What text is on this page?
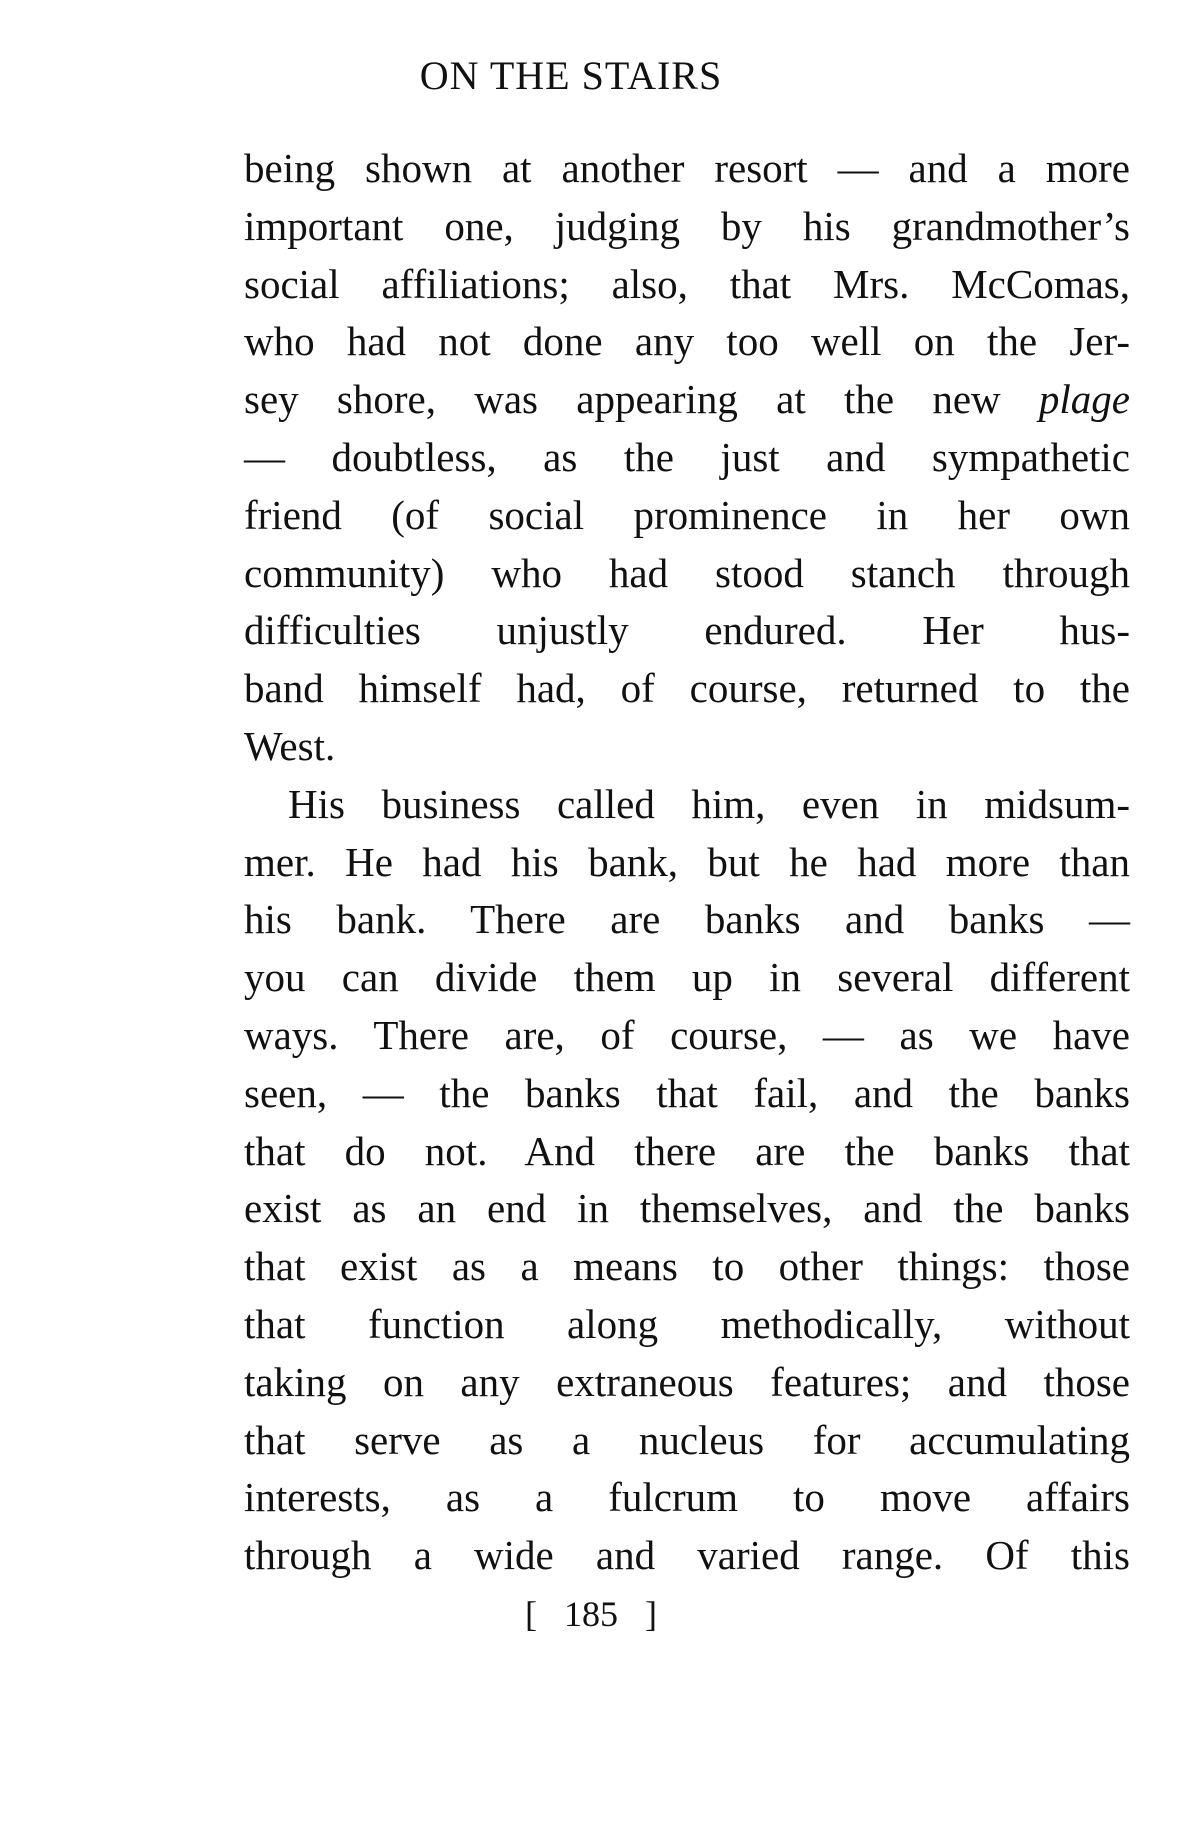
ON THE STAIRS
being shown at another resort — and a more
important one, judging by his grandmother’s
social affiliations; also, that Mrs. McComas,
who had not done any too well on the Jer-
sey shore, was appearing at the new plage
— doubtless, as the just and sympathetic
friend (of social prominence in her own
community) who had stood stanch through
difficulties unjustly endured. Her hus-
band himself had, of course, returned to the
West.
His business called him, even in midsum-
mer. He had his bank, but he had more than
his bank. There are banks and banks —
you can divide them up in several different
ways. There are, of course, — as we have
seen, — the banks that fail, and the banks
that do not. And there are the banks that
exist as an end in themselves, and the banks
that exist as a means to other things: those
that function along methodically, without
taking on any extraneous features; and those
that serve as a nucleus for accumulating
interests, as a fulcrum to move affairs
through a wide and varied range. Of this
[ 185 ]
